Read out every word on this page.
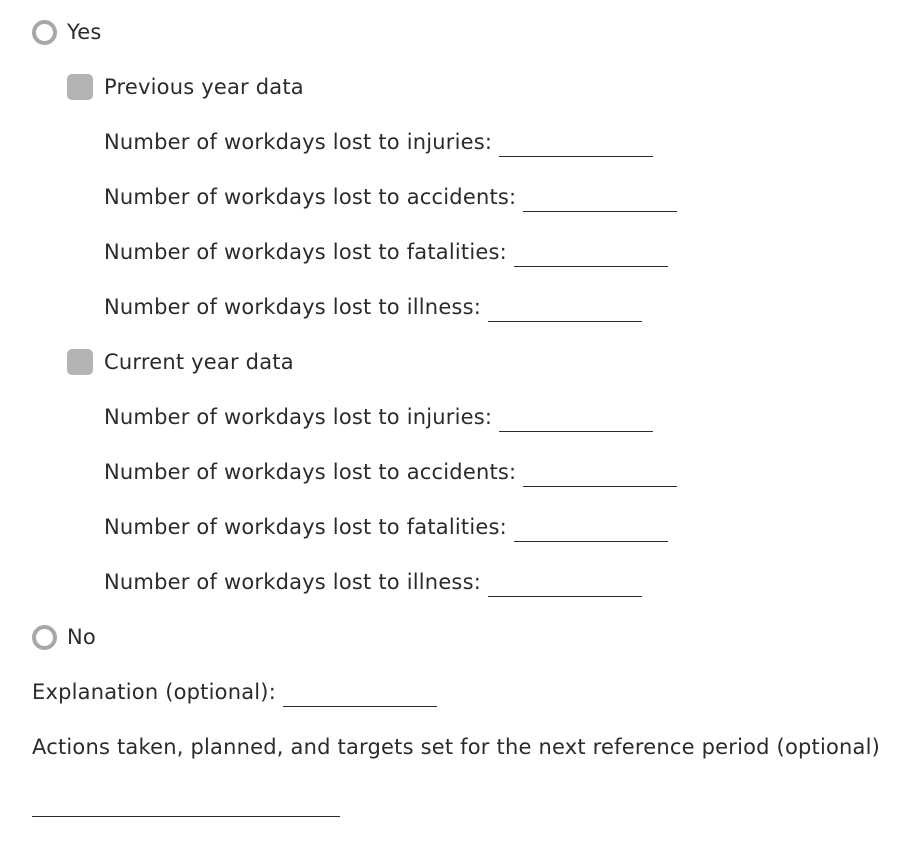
Yes
Previous year data
Number of workdays lost to injuries:
Number of workdays lost to accidents:
Number of workdays lost to fatalities:
Number of workdays lost to illness:
Current year data
Number of workdays lost to injuries:
Number of workdays lost to accidents:
Number of workdays lost to fatalities:
Number of workdays lost to illness:
No
Explanation (optional):
Actions taken, planned, and targets set for the next reference period (optional)
